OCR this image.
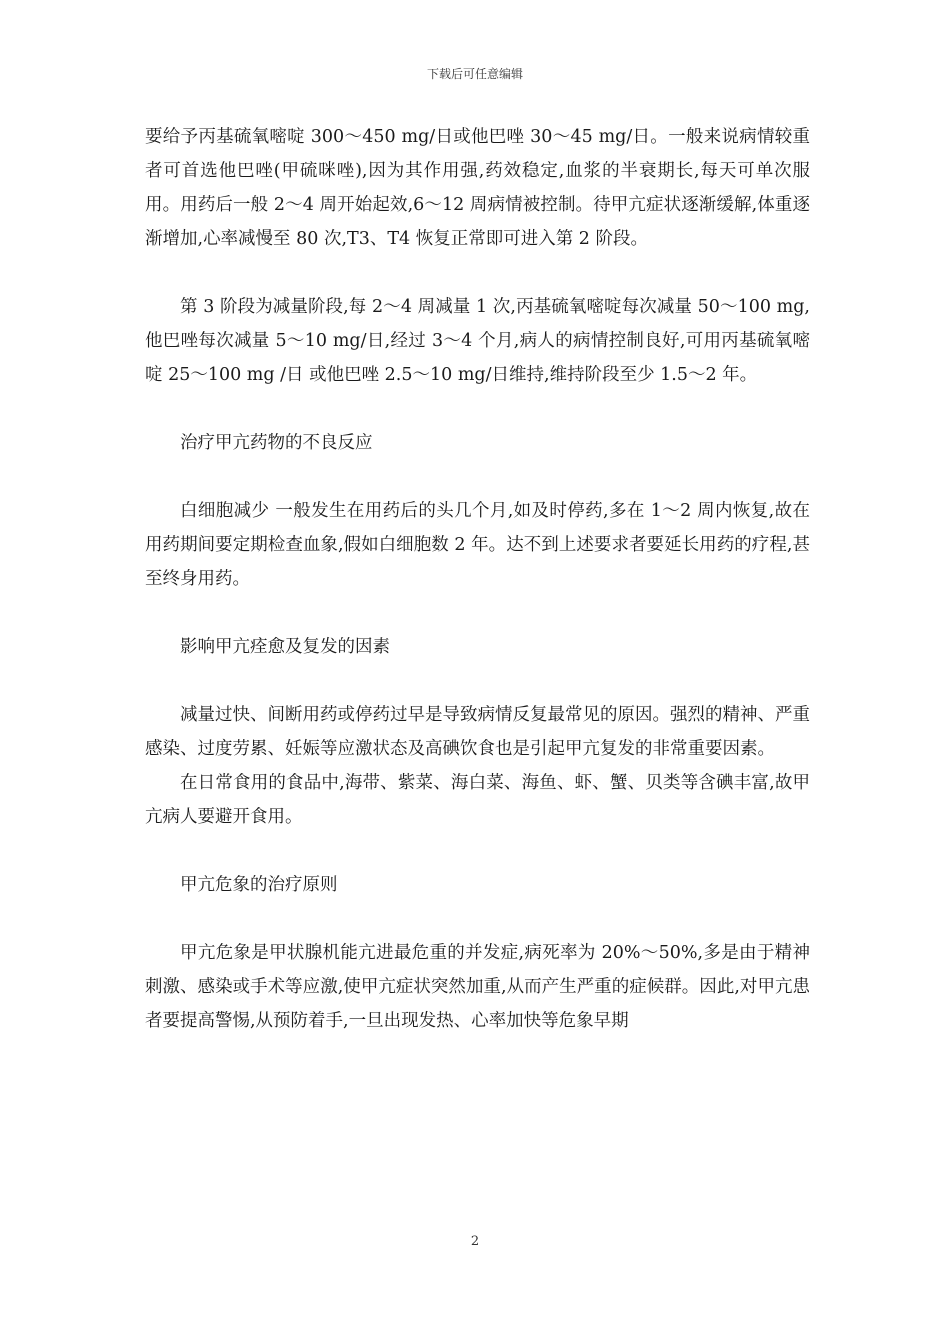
下载后可任意编辑

要给予丙基硫氧嘧啶 300～450 mg/日或他巴唑 30～45 mg/日。一般来说病情较重者可首选他巴唑(甲硫咪唑),因为其作用强,药效稳定,血浆的半衰期长,每天可单次服用。用药后一般 2～4 周开始起效,6～12 周病情被控制。待甲亢症状逐渐缓解,体重逐渐增加,心率减慢至 80 次,T3、T4 恢复正常即可进入第 2 阶段。

第 3 阶段为减量阶段,每 2～4 周减量 1 次,丙基硫氧嘧啶每次减量 50～100 mg,他巴唑每次减量 5～10 mg/日,经过 3～4 个月,病人的病情控制良好,可用丙基硫氧嘧啶 25～100 mg /日 或他巴唑 2.5～10 mg/日维持,维持阶段至少 1.5～2 年。

治疗甲亢药物的不良反应

白细胞减少 一般发生在用药后的头几个月,如及时停药,多在 1～2 周内恢复,故在用药期间要定期检查血象,假如白细胞数 2 年。达不到上述要求者要延长用药的疗程,甚至终身用药。

影响甲亢痊愈及复发的因素

减量过快、间断用药或停药过早是导致病情反复最常见的原因。强烈的精神、严重感染、过度劳累、妊娠等应激状态及高碘饮食也是引起甲亢复发的非常重要因素。

在日常食用的食品中,海带、紫菜、海白菜、海鱼、虾、蟹、贝类等含碘丰富,故甲亢病人要避开食用。

甲亢危象的治疗原则

甲亢危象是甲状腺机能亢进最危重的并发症,病死率为 20%～50%,多是由于精神刺激、感染或手术等应激,使甲亢症状突然加重,从而产生严重的症候群。因此,对甲亢患者要提高警惕,从预防着手,一旦出现发热、心率加快等危象早期

2
